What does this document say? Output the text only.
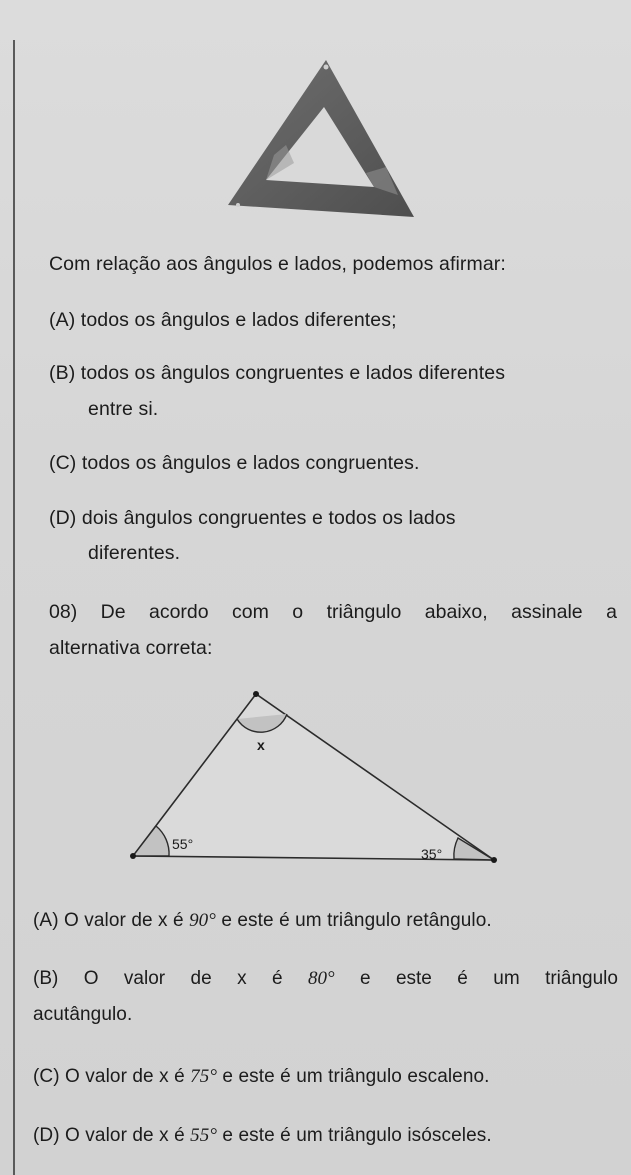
Com relação aos ângulos e lados, podemos afirmar:
(A) todos os ângulos e lados diferentes;
(B) todos os ângulos congruentes e lados diferentes
entre si.
(C) todos os ângulos e lados congruentes.
(D) dois ângulos congruentes e todos os lados
diferentes.
08) De acordo com o triângulo abaixo, assinale a
alternativa correta:
x
55°
35°
(A) O valor de x é 90° e este é um triângulo retângulo.
(B) O valor de x é 80° e este é um triângulo
acutângulo.
(C) O valor de x é 75° e este é um triângulo escaleno.
(D) O valor de x é 55° e este é um triângulo isósceles.
